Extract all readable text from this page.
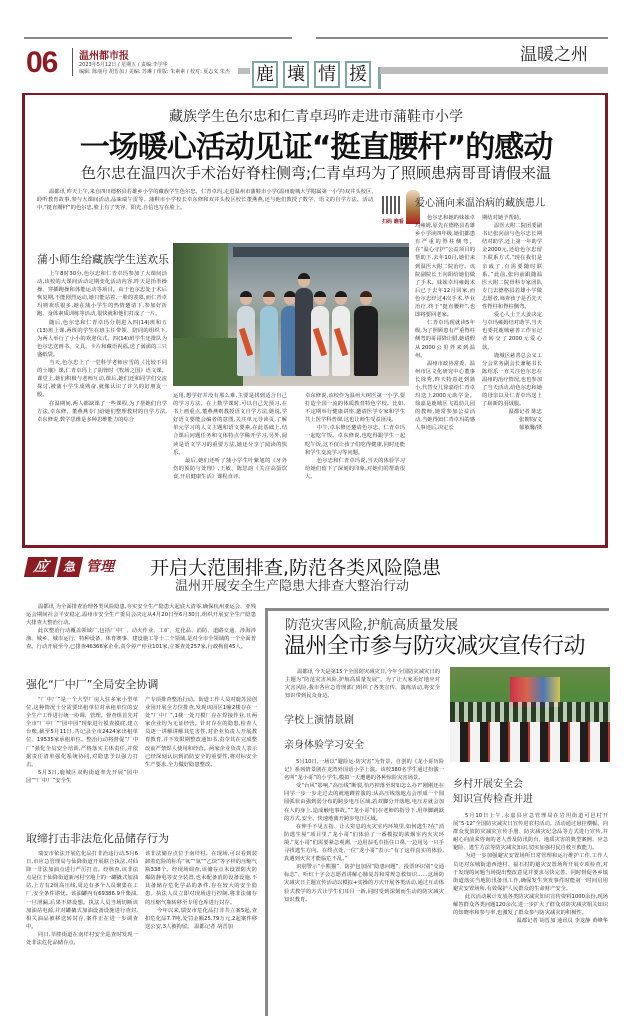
06 温州都市报
2023年5月12日 / 星期五 / 责编:李学华
编辑: 陈丽丹 胡晋加 / 美编: 苏琳 / 组版: 朱素素 / 校对: 夏志义 朱杰 鹿 壤 情 援
温暖之州
藏族学生色尔忠和仁青卓玛昨走进市蒲鞋市小学
一场暖心活动见证“挺直腰杆”的感动
色尔忠在温四次手术治好脊柱侧弯;仁青卓玛为了照顾患病哥哥请假来温
温都讯 昨天上午,来自四川德格县若雄乡小学的藏族学生色尔忠、仁青卓玛,走进温州市蒲鞋市小学(温州鹿城大学附属第一小学)双井头校区,聆听教育故事,参与大课间活动,品味端午雷等。蒲鞋市小学校长卓东修和双井头校区校长董燕燕,还与他们教授了数学、语文的自学方法。活动中,“挺直腰杆”的色尔忠,脸上有了笑容、阳光,自信也写在脸上。
扫码 瞧看
蒲小师生给藏族学生送欢乐

上午8时30分,色尔忠和仁青卓玛参加了大课间活动,该校的大课间活动定期变化活动内容,昨天是抬拳操操、穿插跑操和体能运动等项目。由于色尔忠处于术后恢复期,不能剧烈运动,她只能站着,一脸的羡慕,而仁青卓玛则欢乐很多,她在蒲小学生的热情邀请下,参加好折跑、身体素质训练等活动,很快就和他们打成了一片。

随后,色尔忠和仁青卓玛分别进入四(14)班和五(13)班上课,两班的学生在班主任带领、陪同的组织下,为两人举行了小小的欢迎仪式。四(14)班学生还排队为色尔忠送画书、文具、卡片和藏语祝福,送了満満的三只盛纸袋。

当天,色尔忠上了一堂科学老师应雪的《比较不同的土壤》课,仁青卓玛上了胡蓉时《牧场之国》语文课。课堂上,她们积极与老师互动,课后,她们还和同学们交流探讨,被蒲小学生成熟奋,就像认识了许久的好朋友一般。

在温期间,两人都缺课了一些课程,为了帮她们自学方法,卓东修、董燕燕专门给她们整理教材的自学方法,卓东修说,数学思维是多种思维能力的综合

运用,想学好并没有那么难,主要是找到适合自己的学习方法。在上数学课时,可以自己先预习,在书上画重点,董燕燕则教授语文自学方法,她说,学好语文要能会编者的意图,关注单元导读页,了解单元学习的人文主题和语文要素,在此基础上,结合课后问题任务和文体特点学稀开学习,另外,阅读是语文学习的重要方法,她还分享了阅读的快乐。

最后,她们还听了蒲小学生叶紫旭的《牙外伤的预防与处理》,王敏、陈思韵《关注高蛋饮食,开启健康生活》课程直评。

卓东修说,该校作为温州大树医第一小学,要打造全国一流的体质教育特色学校。比如,不定期举行健康讲座,邀请医学专家和学生共上医学科普课,这也让师生受益匪浅。

中午,卓东修还邀请色尔忠、仁青卓玛一起吃午饭。卓东修说,也吃得跟学生一起吃午饭,这不仅让孩子们吃得健康,同时还能和学生交流学习等问题。

色尔忠和仁青卓玛说,当天的体验学习给她们留下了深刻的印象,对她们的帮助很大。

爱心涌向来温治病的藏族患儿

色尔忠和她的妹妹卓玛雍姆,原先在德格县若雄乡小学读四年级,她们都患有严重的脊柱侧弯。在“温心守护”公益项目的帮助下,去年10月,她们来到温医大附二院治疗。该院副院长王向阳给她们做了手术。妹妹卓玛雍姆术后已于去年12月回家,而色尔忠经过4次手术,毕业治疗,终于“挺直腰杆”,也即将要回老家。

仁青卓玛现就读5年级,为了照顾患有严重脊柱侧弯的哥哥降让腊,她请假从2000公里外来到温州。

温州市政协常委、温州市区文化研究中心董事长徐秀,昨天特意赶到蒲小,代替女儿徐嘉给仁青卓玛送上2000元助学金。徐嘉是鹿城区飞霞幼儿园的教师,她常参加公益活动,当她得知仁青卓玛的感人事迹后,决定长

期结对她予帮助。

温医大附二院团委副书记张向前与色尔忠长期结对助学,还上第一年助学金2000元,还给色尔忠留下联系方式,“现在我们是亲戚了,有需要随时联系。”此前,张向前跟随温医大附二院骨科专家团队专门去德格县若雄小学做志愿者,筛查孩子是否先天性脊柱和脊柱侧弯。

爱心人士王大姜决定与卓玛雍姆结对助学,当天也委托鹿城慈善工作室记者转交了2000元爱心款。

鹿城区慈善总会义工分会常务副会长兼秘书长陈绍乐一直关注色尔忠在温州的治疗情况,也也参加了当天活动,给色尔忠和她的母亲以及仁青卓玛送上了崭新的羽绒服。

温都记者 陈忠

张朝钧/文

郁敏馨/摄

应	急 管理 开启大范围排查,防范各类风险隐患
温州开展安全生产隐患大排查大整治行动

温都讯 为全面排查治理各类风险隐患,夯实安全生产隐患大起底大清零,确保杭州亚运会、亚残运会期间社会平安稳定,温州市安全生产委员会决定从4月20日至6月30日,组织开展安全生产隐患大排查大整治行动。

此次整治行动覆盖领域广,包括厂中厂、动火作业、工矿、危化品、消防、道路交通、涉海涉渔、城乡、城市运行、特种设备、体育赛事、建设施工等十二个领域,是对全市全领域的一个全面普查。行动开展至今,已排查46366家企业,责令停产停业101家,立案查处257家,行政拘留45人。

强化“厂中厂”全局安全协调

“厂中厂”是一个大型厂房入驻多家小型单位,这种情况十分需要出租单位对承租单位的安全生产工作进行统一协调、管理。督查组首先对全市“厂中厂”“园中园”现象进行摸查摸底,建立台账,截至5月11日,共记录全市2424家出租单位、19535家承租单位。整治行动将督促“厂中厂”强化全员安全培训,严格落实主体责任,并依据责任清单强化系统协同,对隐患予以强力打击。

5月3日,鹿城区双屿街道率先开展“园中园”“厂中厂”安全生

产专项排查整治行动。街道工作人员对鹿苏园创业园开展全方位排查,发现该园区1幢2楼存在一处“厂中厂”,1楼一处刀模厂存在焊接作业,且两家企业均为无证经营。针对存在的隐患,检查人员逐一讲解讲解其危害性,对企业负责人开展教育教育,并下发限期整改通知书,责令其在完成整改前严禁焊人使用和经营。两家企业负责人表示已经深刻认识到消防安全的重要性,将对标安全生产要求,全力做好隐患整改。

取缔打击非法危化品储存行为

瑞安市依法开展危化品打非治违行动,5月6日,市应急管理局与仙降街道开展联合执法,对仙降一非法加油点进行严厉打击。经核查,该非法点是位于仙降街道新河村空地上的一罐撬式加油站,上方有2组高压线,周边有多个人员聚集在工厂,安全条件堪忧。该油罐内有69386.9升柴油,一旦泄漏,后果不堪设想。执法人员当场切断该加油站电源,并对罐撬式加油设备设施进行查封,相关油品被移送转封存,案件正在进一步调查中。

同日,莘塍街道在南垟村安全巡查时发现一处非法危化品储存点,

该非法储存点位于南垟村。在现场,可以看到装卸着危险的标有“氧”“氩”“乙炔”等字样的压缩气瓶338个。经现场调查,该储存点未设置防火防爆防静电等安全装置,也未配备消防设备设施,不具备储存危化学品的条件,存在较大的安全隐患。执法人员立即对现场进行控制,将非法储存的压缩气瓶转移至专用仓库进行封存。

今年以来,瑞安市危化品打非共立案5起,查扣危化品7.7吨,处罚金额25.79万元,2起案件移送公安,3人被拘留。 温都记者 胡晋加

防范灾害风险,护航高质量发展
温州全市参与防灾减灾宣传行动
温都讯 今天是第15个全国防灾减灾日,今年全国防灾减灾日的主题为“防范灾害风险,护航高质量发展”。为了让大家更好地应对灾害风险,我市各应急管理部门组织了各类宣传、演练活动,将安全知识带到民众身边。
学校上演情景剧
亲身体验学习安全

5月10日,一场以“避险运·防灾害”为背景、自创的《龙小哥历险记》系列情景剧在龙湾外国语小学上演。该校380名学生通过扮演一名叫“龙小哥”的小学生,模拟一天遭遇的各种惊险灾害场景。

受“台风”影响,“高压线”断裂,恰巧掉落至时如怎么办?“刚刚还在同学一步一步走过去的就地蹲着演的:从高压线落地点会形成一个圆圆弧状由强到弱分布的跨步电压区域,若双脚分开落地,电压差就会加在人的身上,造成触电事故。”“龙小哥”们在老师的指导下,用单脚跳跃的方式,安全、快速地离开跨步电压区域。

在伸手不见五指、让人窒息的火灾室内环境里,如何逃生?在“消防逃生屋”项目里,“龙小哥”们体验了一番模拟的浓烟室内火灾环境,“龙小哥”们需要紧急观测,一边用湿毛巾捂住口鼻,一边用另一只手寻找逃生方向。在终点处,一位“龙小哥”表示:“有了这样真实的体验,真遇到火灾才能临危不乱。”

识别警示“小熊猫”、防护包加固“隐患问题”、投票环识别“交通标志”、听红十字会志愿者讲解心肺复苏和常规急救知识……这场防灾减灾日主题宣传活动以模拟+实操的方式开展各类活动,通过互动体验式教学的方式让学生们耳目一新,同时受到深刻而生动的防灾减灾知识教育。

乡村开展安全会
知识宣传检查并进

5月10日上午,永嘉县应急管理局在岩坦街道可邑村开展“5·12”全国防灾减灾日宣传进农村活动。活动通过悬挂横幅、向群众发放防灾减灾宣传手册、防灾减灾纪念品等方式进行宣传,并耐心向前来咨询的老人普及防汛防台、地质灾害的典型案例、应急避险、逃生方法等防灾减灾知识,切实加强村民自救互救能力。

为进一步加强避灾安置场所日常管理和运行维护工作,工作人员还对东城街道西池村、福石村的避灾安置场所开展专项检查,对于发现的问题当场提出整改意见并要求尽快完善。同时督促各乡镇街道落实当地防汛备汛工作,确保发生突发事件时能第一时间启用避灾安置场所,有效保护人民群众的生命财产安全。

此次活动累计发放各类防灾减灾知识宣传资料1000余份,现场解答群众各类问题120余次,进一步扩大了群众对防灾减灾相关知识的知晓率和参与率,也激发了群众参与防灾减灾的积极性。

温都记者 胡晋加 通讯员 李龙静 黄峰华
